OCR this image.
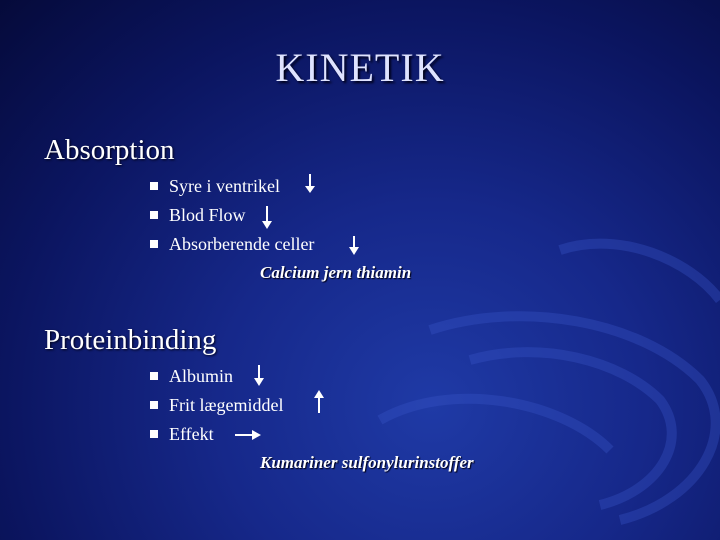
KINETIK
Absorption
Syre i ventrikel
Blod Flow
Absorberende celler
Calcium jern thiamin
Proteinbinding
Albumin
Frit lægemiddel
Effekt
Kumariner sulfonylurinstoffer
